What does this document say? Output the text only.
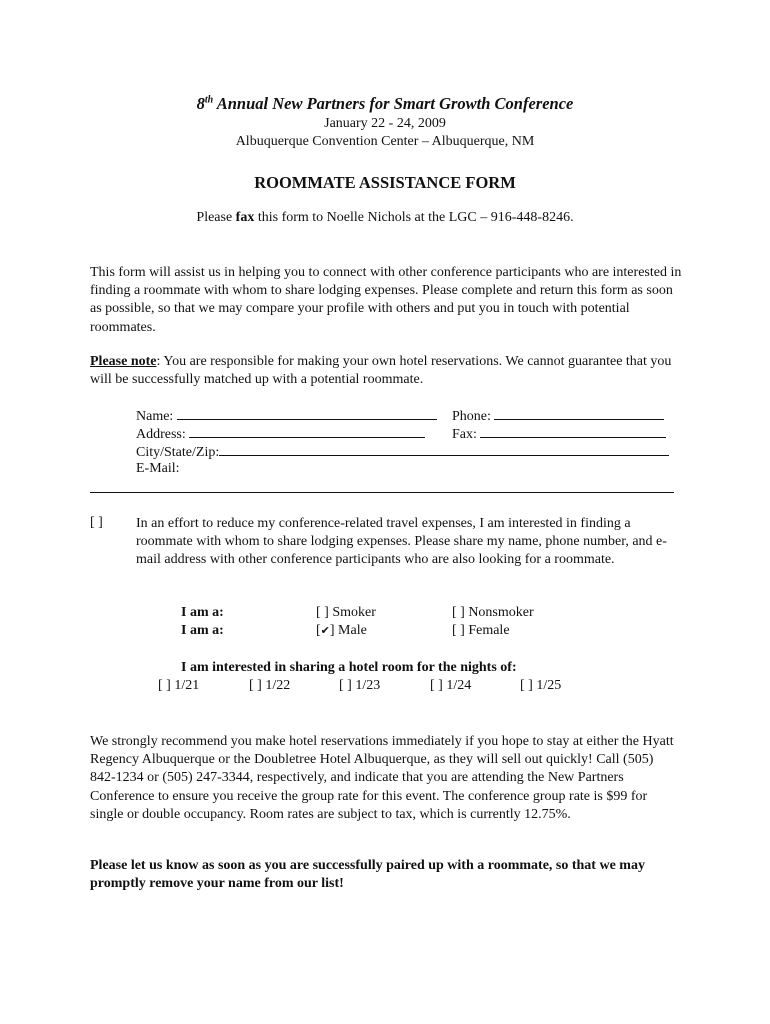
8th Annual New Partners for Smart Growth Conference
January 22 - 24, 2009
Albuquerque Convention Center – Albuquerque, NM
ROOMMATE ASSISTANCE FORM
Please fax this form to Noelle Nichols at the LGC – 916-448-8246.
This form will assist us in helping you to connect with other conference participants who are interested in finding a roommate with whom to share lodging expenses. Please complete and return this form as soon as possible, so that we may compare your profile with others and put you in touch with potential roommates.
Please note: You are responsible for making your own hotel reservations. We cannot guarantee that you will be successfully matched up with a potential roommate.
Name:	Phone:
Address:	Fax:
City/State/Zip:
E-Mail:
[ ] In an effort to reduce my conference-related travel expenses, I am interested in finding a roommate with whom to share lodging expenses. Please share my name, phone number, and e-mail address with other conference participants who are also looking for a roommate.
I am a:	[ ] Smoker	[ ] Nonsmoker
I am a:	[✔] Male	[ ] Female
I am interested in sharing a hotel room for the nights of:
[ ] 1/21	[ ] 1/22	[ ] 1/23	[ ] 1/24	[ ] 1/25
We strongly recommend you make hotel reservations immediately if you hope to stay at either the Hyatt Regency Albuquerque or the Doubletree Hotel Albuquerque, as they will sell out quickly! Call (505) 842-1234 or (505) 247-3344, respectively, and indicate that you are attending the New Partners Conference to ensure you receive the group rate for this event. The conference group rate is $99 for single or double occupancy. Room rates are subject to tax, which is currently 12.75%.
Please let us know as soon as you are successfully paired up with a roommate, so that we may promptly remove your name from our list!
